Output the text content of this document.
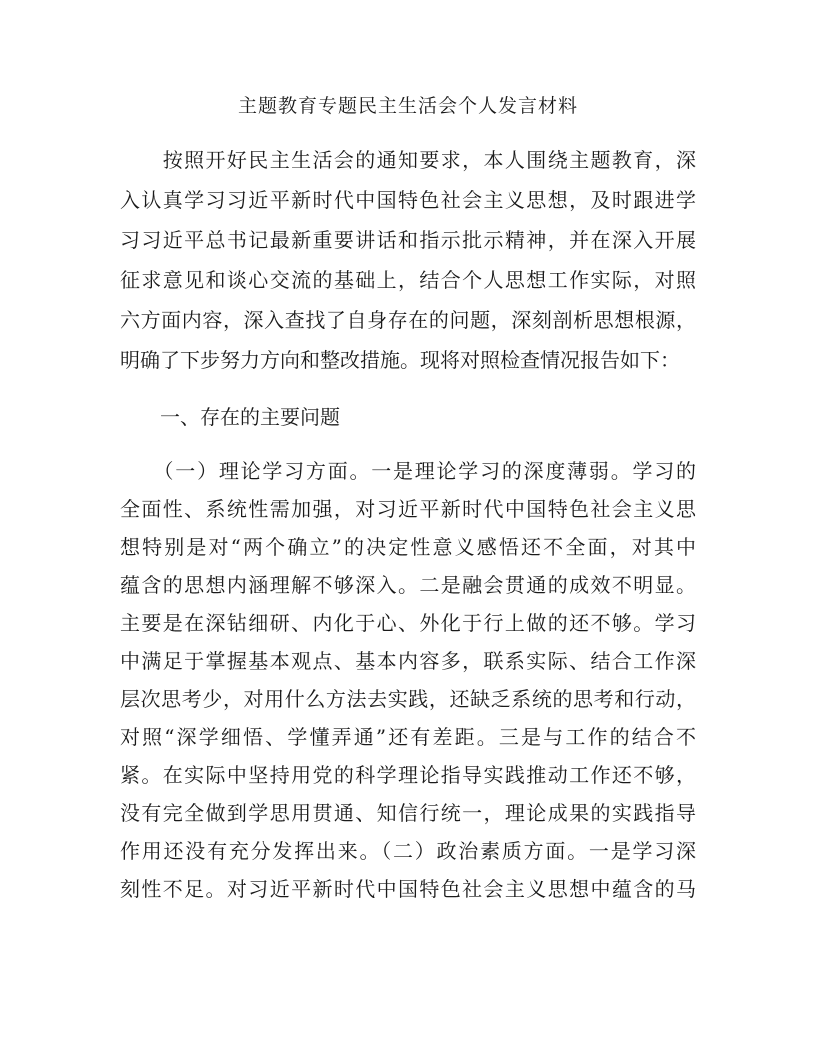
主题教育专题民主生活会个人发言材料
　　按照开好民主生活会的通知要求，本人围绕主题教育，深
入认真学习习近平新时代中国特色社会主义思想，及时跟进学
习习近平总书记最新重要讲话和指示批示精神，并在深入开展
征求意见和谈心交流的基础上，结合个人思想工作实际，对照
六方面内容，深入查找了自身存在的问题，深刻剖析思想根源，
明确了下步努力方向和整改措施。现将对照检查情况报告如下：
　　一、存在的主要问题
　　（一）理论学习方面。一是理论学习的深度薄弱。学习的
全面性、系统性需加强，对习近平新时代中国特色社会主义思
想特别是对“两个确立”的决定性意义感悟还不全面，对其中
蕴含的思想内涵理解不够深入。二是融会贯通的成效不明显。
主要是在深钻细研、内化于心、外化于行上做的还不够。学习
中满足于掌握基本观点、基本内容多，联系实际、结合工作深
层次思考少，对用什么方法去实践，还缺乏系统的思考和行动，
对照“深学细悟、学懂弄通”还有差距。三是与工作的结合不
紧。在实际中坚持用党的科学理论指导实践推动工作还不够，
没有完全做到学思用贯通、知信行统一，理论成果的实践指导
作用还没有充分发挥出来。（二）政治素质方面。一是学习深
刻性不足。对习近平新时代中国特色社会主义思想中蕴含的马
